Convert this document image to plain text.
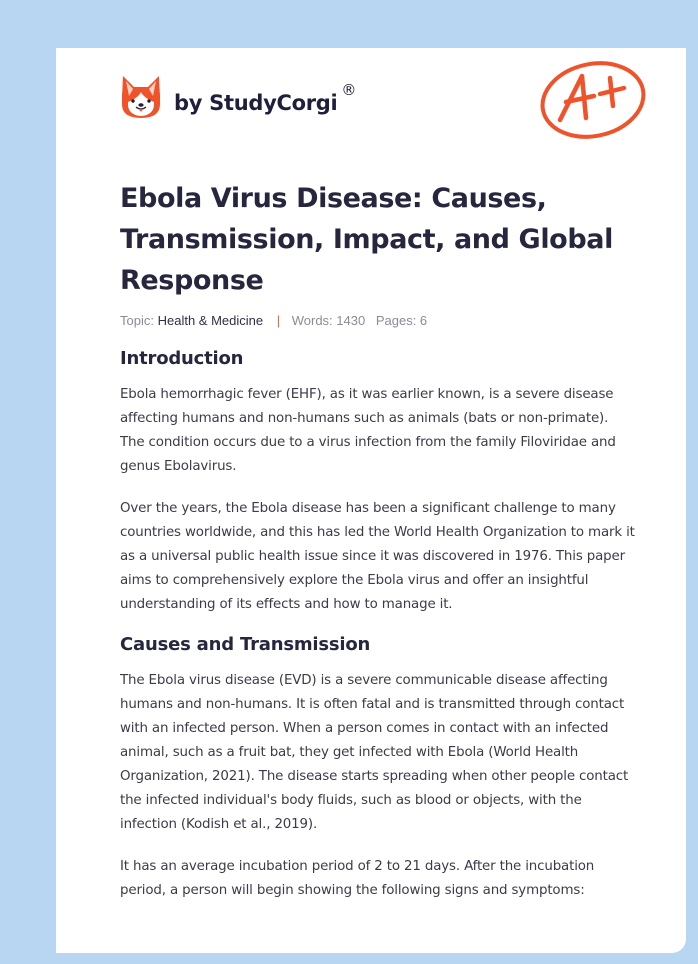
by StudyCorgi
®
Ebola Virus Disease: Causes, Transmission, Impact, and Global Response
Topic: Health & Medicine | Words: 1430 Pages: 6
Introduction

Ebola hemorrhagic fever (EHF), as it was earlier known, is a severe disease affecting humans and non-humans such as animals (bats or non-primate). The condition occurs due to a virus infection from the family Filoviridae and genus Ebolavirus.

Over the years, the Ebola disease has been a significant challenge to many countries worldwide, and this has led the World Health Organization to mark it as a universal public health issue since it was discovered in 1976. This paper aims to comprehensively explore the Ebola virus and offer an insightful understanding of its effects and how to manage it.

Causes and Transmission

The Ebola virus disease (EVD) is a severe communicable disease affecting humans and non-humans. It is often fatal and is transmitted through contact with an infected person. When a person comes in contact with an infected animal, such as a fruit bat, they get infected with Ebola (World Health Organization, 2021). The disease starts spreading when other people contact the infected individual's body fluids, such as blood or objects, with the infection (Kodish et al., 2019).

It has an average incubation period of 2 to 21 days. After the incubation period, a person will begin showing the following signs and symptoms:
